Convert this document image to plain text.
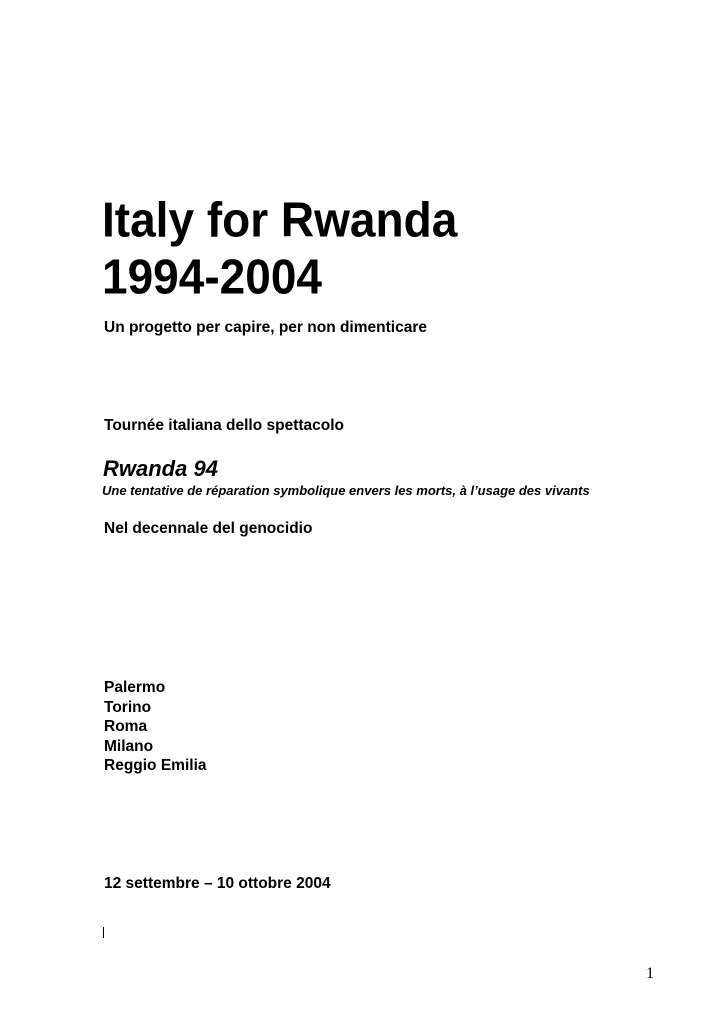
Italy for Rwanda
1994-2004
Un progetto per capire, per non dimenticare
Tournée italiana dello spettacolo
Rwanda 94
Une tentative de réparation symbolique envers les morts, à l’usage des vivants
Nel decennale del genocidio
Palermo
Torino
Roma
Milano
Reggio Emilia
12 settembre – 10 ottobre 2004
1
